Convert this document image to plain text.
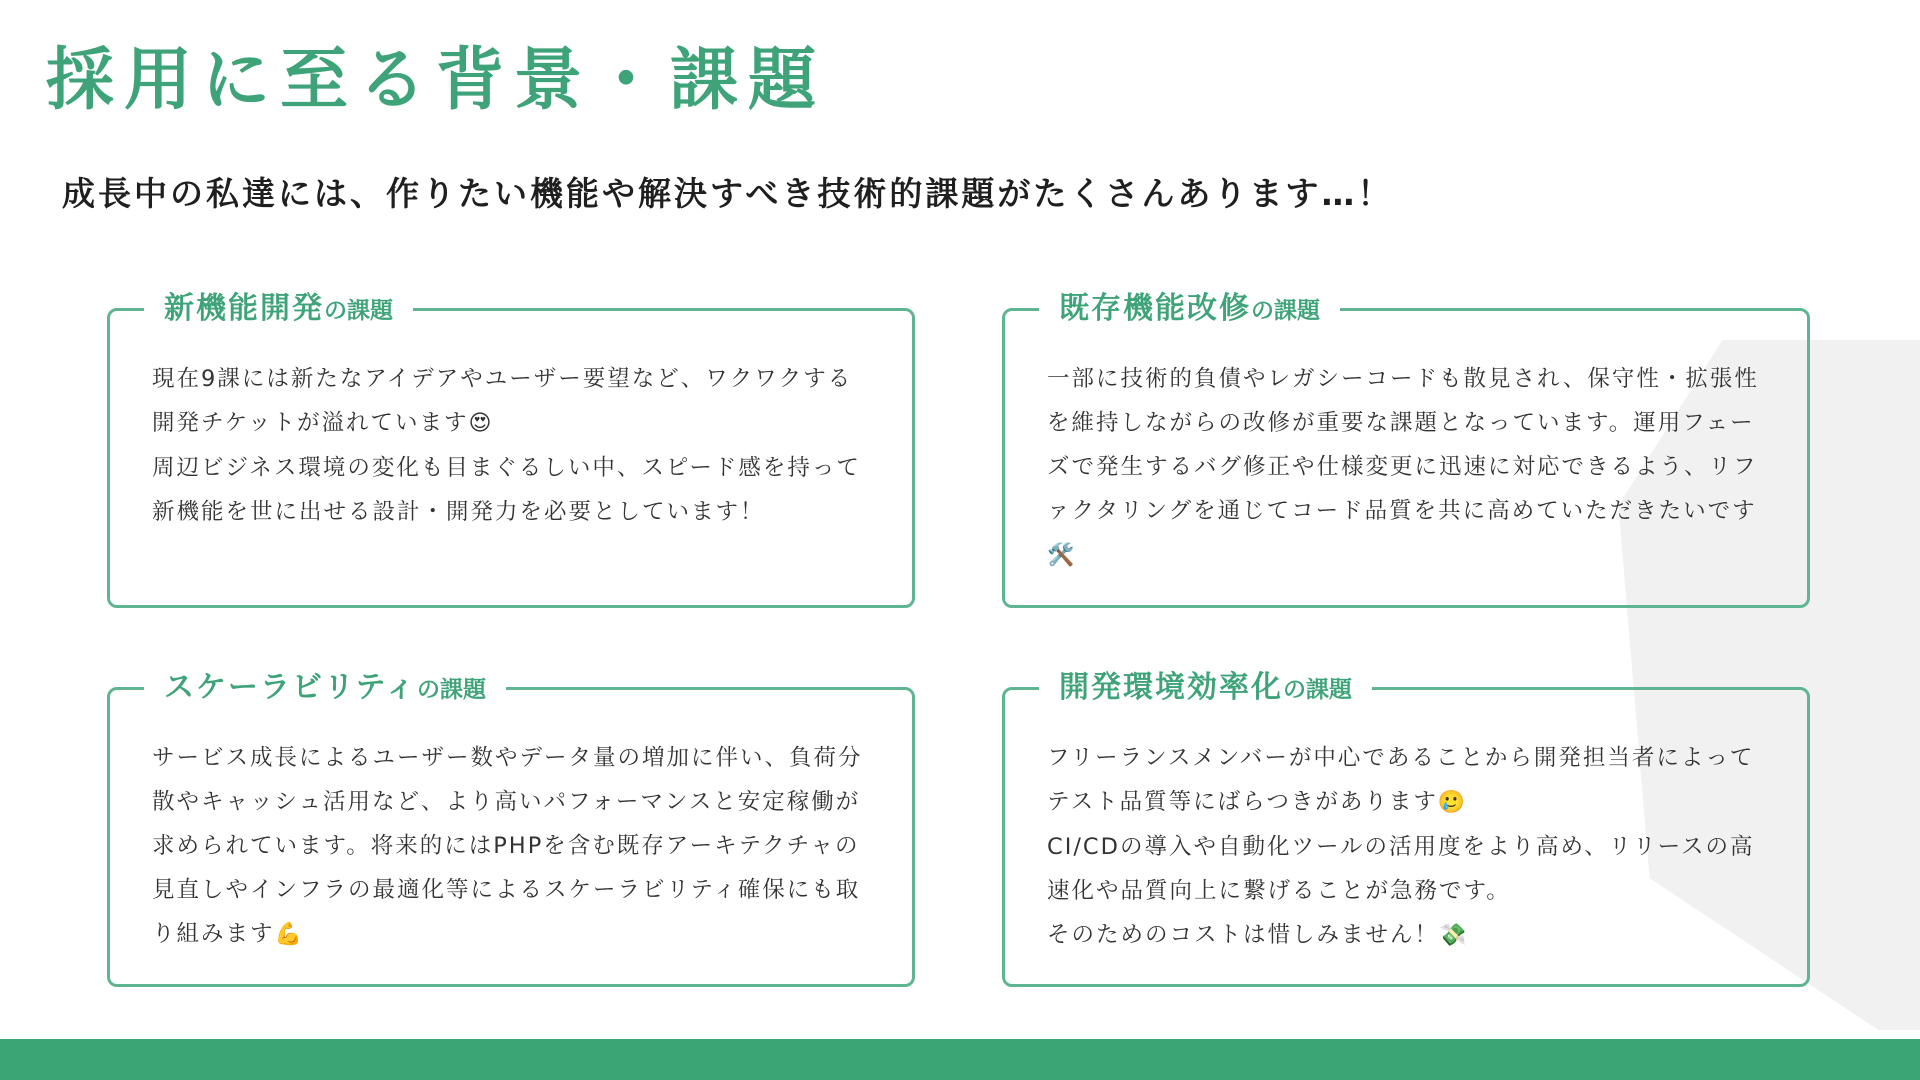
採用に至る背景・課題

成長中の私達には、作りたい機能や解決すべき技術的課題がたくさんあります…！

新機能開発の課題

現在9課には新たなアイデアやユーザー要望など、ワクワクする開発チケットが溢れています😍

周辺ビジネス環境の変化も目まぐるしい中、スピード感を持って新機能を世に出せる設計・開発力を必要としています！

既存機能改修の課題

一部に技術的負債やレガシーコードも散見され、保守性・拡張性を維持しながらの改修が重要な課題となっています。運用フェーズで発生するバグ修正や仕様変更に迅速に対応できるよう、リファクタリングを通じてコード品質を共に高めていただきたいです🛠️

スケーラビリティの課題

サービス成長によるユーザー数やデータ量の増加に伴い、負荷分散やキャッシュ活用など、より高いパフォーマンスと安定稼働が求められています。将来的にはPHPを含む既存アーキテクチャの見直しやインフラの最適化等によるスケーラビリティ確保にも取り組みます💪

開発環境効率化の課題

フリーランスメンバーが中心であることから開発担当者によってテスト品質等にばらつきがあります🥲

CI/CDの導入や自動化ツールの活用度をより高め、リリースの高速化や品質向上に繋げることが急務です。

そのためのコストは惜しみません！💸
